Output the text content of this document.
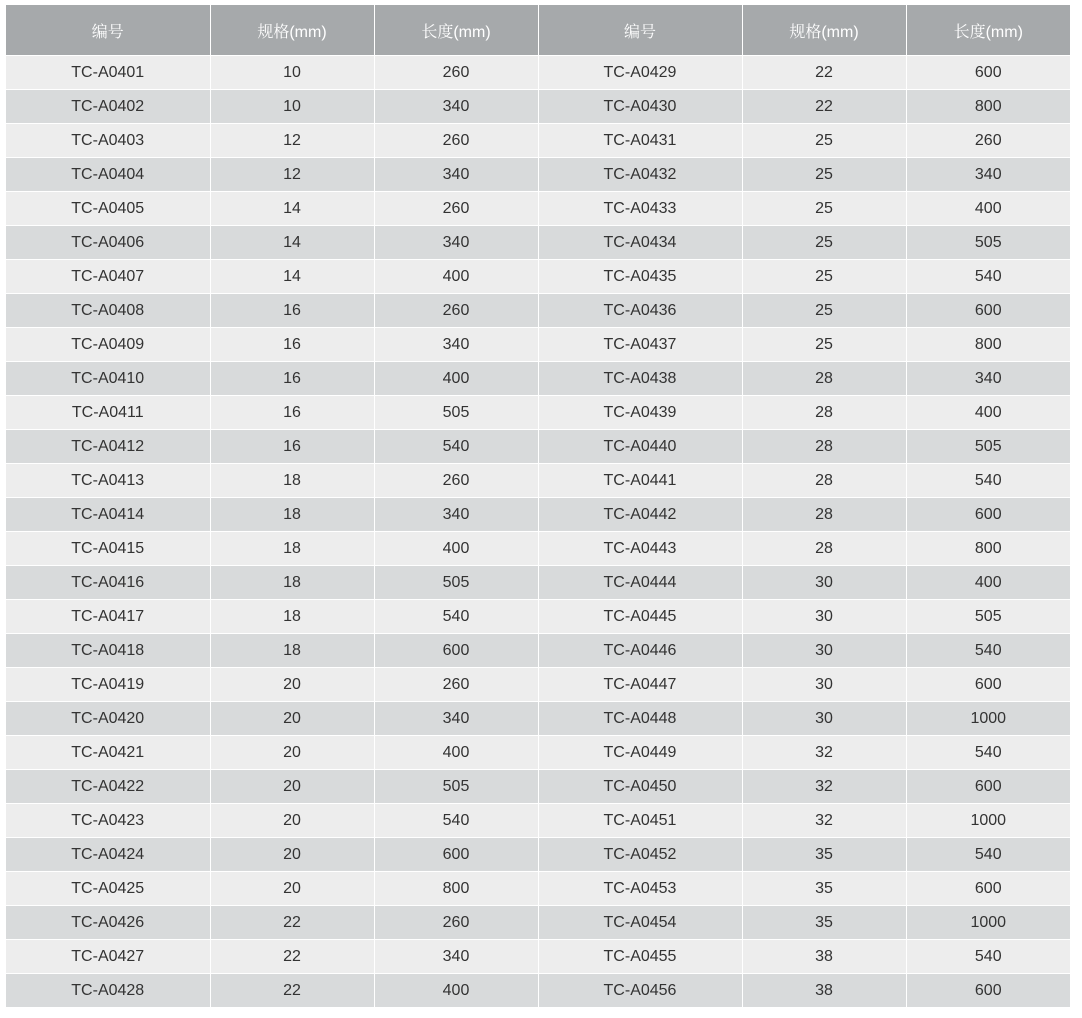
编号	规格(mm)	长度(mm)	编号	规格(mm)	长度(mm)
TC-A0401	10	260	TC-A0429	22	600
TC-A0402	10	340	TC-A0430	22	800
TC-A0403	12	260	TC-A0431	25	260
TC-A0404	12	340	TC-A0432	25	340
TC-A0405	14	260	TC-A0433	25	400
TC-A0406	14	340	TC-A0434	25	505
TC-A0407	14	400	TC-A0435	25	540
TC-A0408	16	260	TC-A0436	25	600
TC-A0409	16	340	TC-A0437	25	800
TC-A0410	16	400	TC-A0438	28	340
TC-A0411	16	505	TC-A0439	28	400
TC-A0412	16	540	TC-A0440	28	505
TC-A0413	18	260	TC-A0441	28	540
TC-A0414	18	340	TC-A0442	28	600
TC-A0415	18	400	TC-A0443	28	800
TC-A0416	18	505	TC-A0444	30	400
TC-A0417	18	540	TC-A0445	30	505
TC-A0418	18	600	TC-A0446	30	540
TC-A0419	20	260	TC-A0447	30	600
TC-A0420	20	340	TC-A0448	30	1000
TC-A0421	20	400	TC-A0449	32	540
TC-A0422	20	505	TC-A0450	32	600
TC-A0423	20	540	TC-A0451	32	1000
TC-A0424	20	600	TC-A0452	35	540
TC-A0425	20	800	TC-A0453	35	600
TC-A0426	22	260	TC-A0454	35	1000
TC-A0427	22	340	TC-A0455	38	540
TC-A0428	22	400	TC-A0456	38	600
